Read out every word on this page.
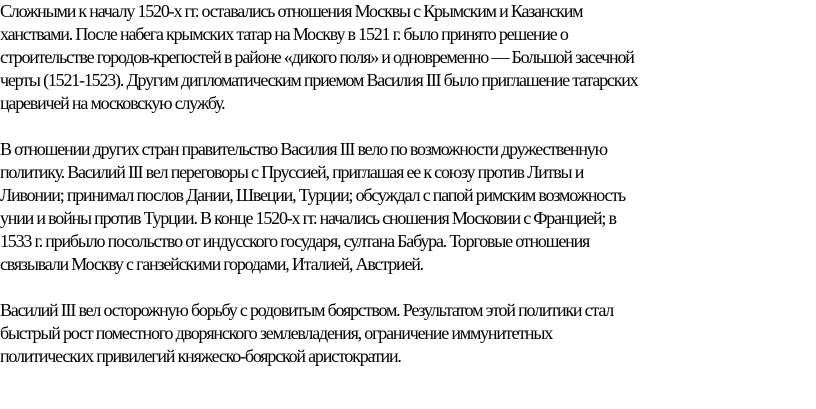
Сложными к началу 1520-х гг. оставались отношения Москвы с Крымским и Казанским
ханствами. После набега крымских татар на Москву в 1521 г. было принято решение о
строительстве городов-крепостей в районе «дикого поля» и одновременно — Большой засечной
черты (1521-1523). Другим дипломатическим приемом Василия III было приглашение татарских
царевичей на московскую службу.
В отношении других стран правительство Василия III вело по возможности дружественную
политику. Василий III вел переговоры с Пруссией, приглашая ее к союзу против Литвы и
Ливонии; принимал послов Дании, Швеции, Турции; обсуждал с папой римским возможность
унии и войны против Турции. В конце 1520-х гг. начались сношения Московии с Францией; в
1533 г. прибыло посольство от индусского государя, султана Бабура. Торговые отношения
связывали Москву с ганзейскими городами, Италией, Австрией.
Василий III вел осторожную борьбу с родовитым боярством. Результатом этой политики стал
быстрый рост поместного дворянского землевладения, ограничение иммунитетных
политических привилегий княжеско-боярской аристократии.
